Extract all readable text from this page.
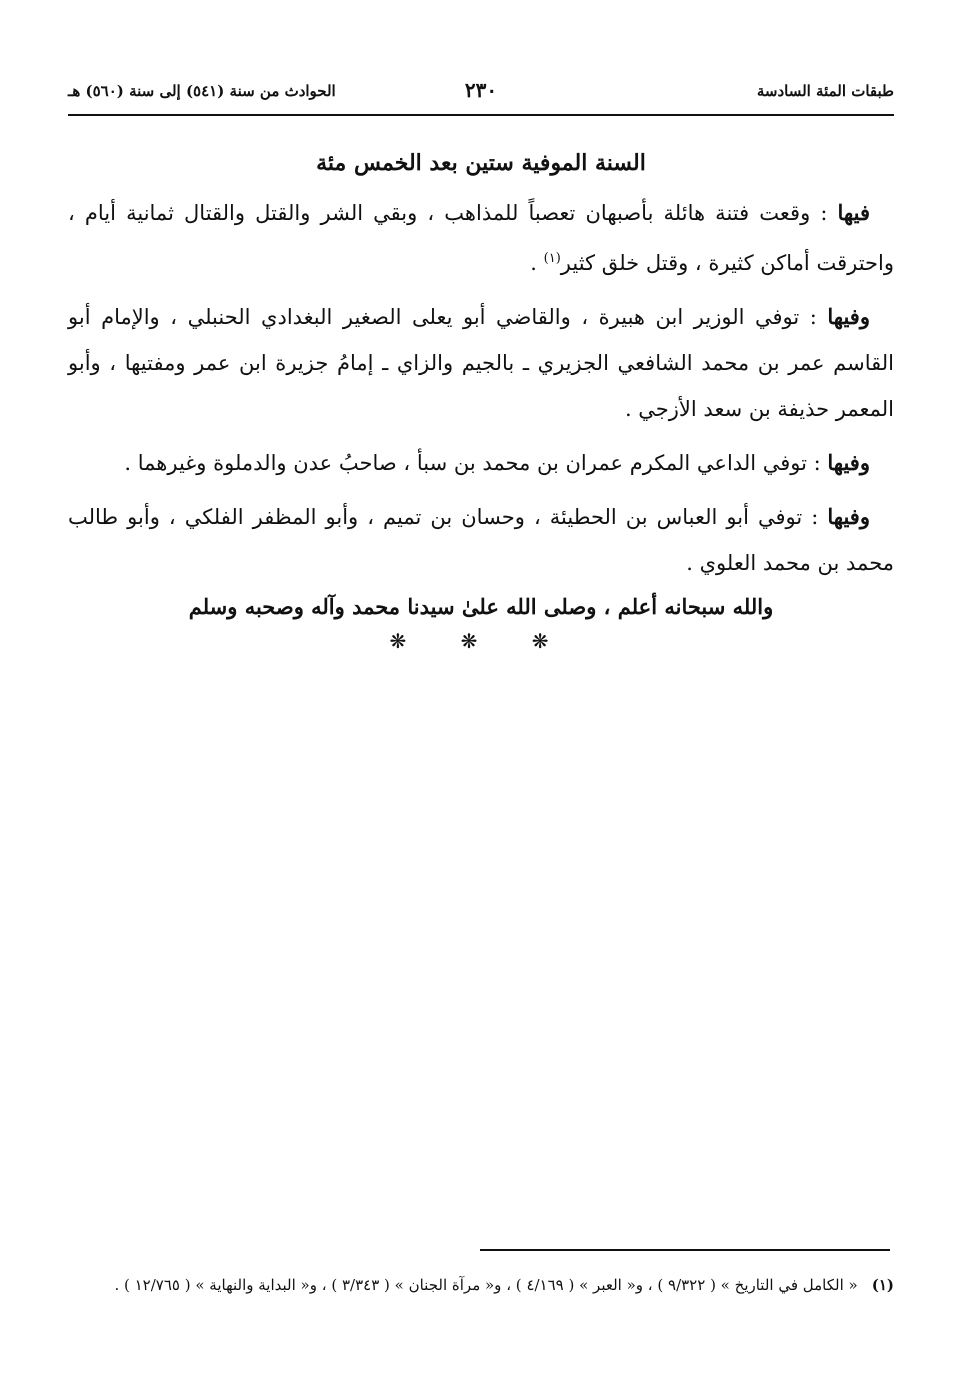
طبقات المئة السادسة
٢٣٠
الحوادث من سنة (٥٤١) إلى سنة (٥٦٠) هـ
السنة الموفية ستين بعد الخمس مئة

فيها : وقعت فتنة هائلة بأصبهان تعصباً للمذاهب ، وبقي الشر والقتل والقتال ثمانية أيام ، واحترقت أماكن كثيرة ، وقتل خلق كثير$^{(١)}$ .

وفيها : توفي الوزير ابن هبيرة ، والقاضي أبو يعلى الصغير البغدادي الحنبلي ، والإمام أبو القاسم عمر بن محمد الشافعي الجزيري ـ بالجيم والزاي ـ إمامُ جزيرة ابن عمر ومفتيها ، وأبو المعمر حذيفة بن سعد الأزجي .

وفيها : توفي الداعي المكرم عمران بن محمد بن سبأ ، صاحبُ عدن والدملوة وغيرهما .

وفيها : توفي أبو العباس بن الحطيئة ، وحسان بن تميم ، وأبو المظفر الفلكي ، وأبو طالب محمد بن محمد العلوي .

والله سبحانه أعلم ، وصلى الله علىٰ سيدنا محمد وآله وصحبه وسلم

❋ ❋ ❋

(١)« الكامل في التاريخ » ( ٩/٣٢٢ ) ، و« العبر » ( ٤/١٦٩ ) ، و« مرآة الجنان » ( ٣/٣٤٣ ) ، و« البداية والنهاية » ( ١٢/٧٦٥ ) .
